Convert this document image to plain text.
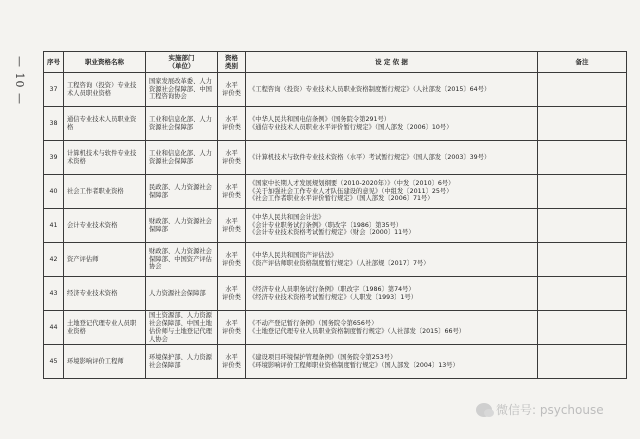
— 10 —	序号	职业资格名称	实施部门
（单位）	资格
类别	设 定 依 据	备注
37	工程咨询（投资）专业技术人员职业资格	国家发展改革委、人力资源社会保障部、中国工程咨询协会	水平
评价类	《工程咨询（投资）专业技术人员职业资格制度暂行规定》（人社部发〔2015〕64号）	

38	通信专业技术人员职业资格	工业和信息化部、人力资源社会保障部	水平
评价类	《中华人民共和国电信条例》（国务院令第291号）
《通信专业技术人员职业水平评价暂行规定》（国人部发〔2006〕10号）	

39	计算机技术与软件专业技术资格	工业和信息化部、人力资源社会保障部	水平
评价类	《计算机技术与软件专业技术资格（水平）考试暂行规定》（国人部发〔2003〕39号）	

40	社会工作者职业资格	民政部、人力资源社会保障部	水平
评价类	《国家中长期人才发展规划纲要（2010-2020年）》（中发〔2010〕6号）
《关于加强社会工作专业人才队伍建设的意见》（中组发〔2011〕25号）
《社会工作者职业水平评价暂行规定》（国人部发〔2006〕71号）	

41	会计专业技术资格	财政部、人力资源社会保障部	水平
评价类	《中华人民共和国会计法》
《会计专业职务试行条例》（职改字〔1986〕第35号）
《会计专业技术资格考试暂行规定》（财会〔2000〕11号）	

42	资产评估师	财政部、人力资源社会保障部、中国资产评估协会	水平
评价类	《中华人民共和国资产评估法》
《资产评估师职业资格制度暂行规定》（人社部规〔2017〕7号）	

43	经济专业技术资格	人力资源社会保障部	水平
评价类	《经济专业人员职务试行条例》（职改字〔1986〕第74号）
《经济专业技术资格考试暂行规定》（人职发〔1993〕1号）	

44	土地登记代理专业人员职业资格	国土资源部、人力资源社会保障部、中国土地估价师与土地登记代理人协会	水平
评价类	《不动产登记暂行条例》（国务院令第656号）
《土地登记代理专业人员职业资格制度暂行规定》（人社部发〔2015〕66号）	

45	环境影响评价工程师	环境保护部、人力资源社会保障部	水平
评价类	《建设项目环境保护管理条例》（国务院令第253号）
《环境影响评价工程师职业资格制度暂行规定》（国人部发〔2004〕13号）	

微信号: psychouse
